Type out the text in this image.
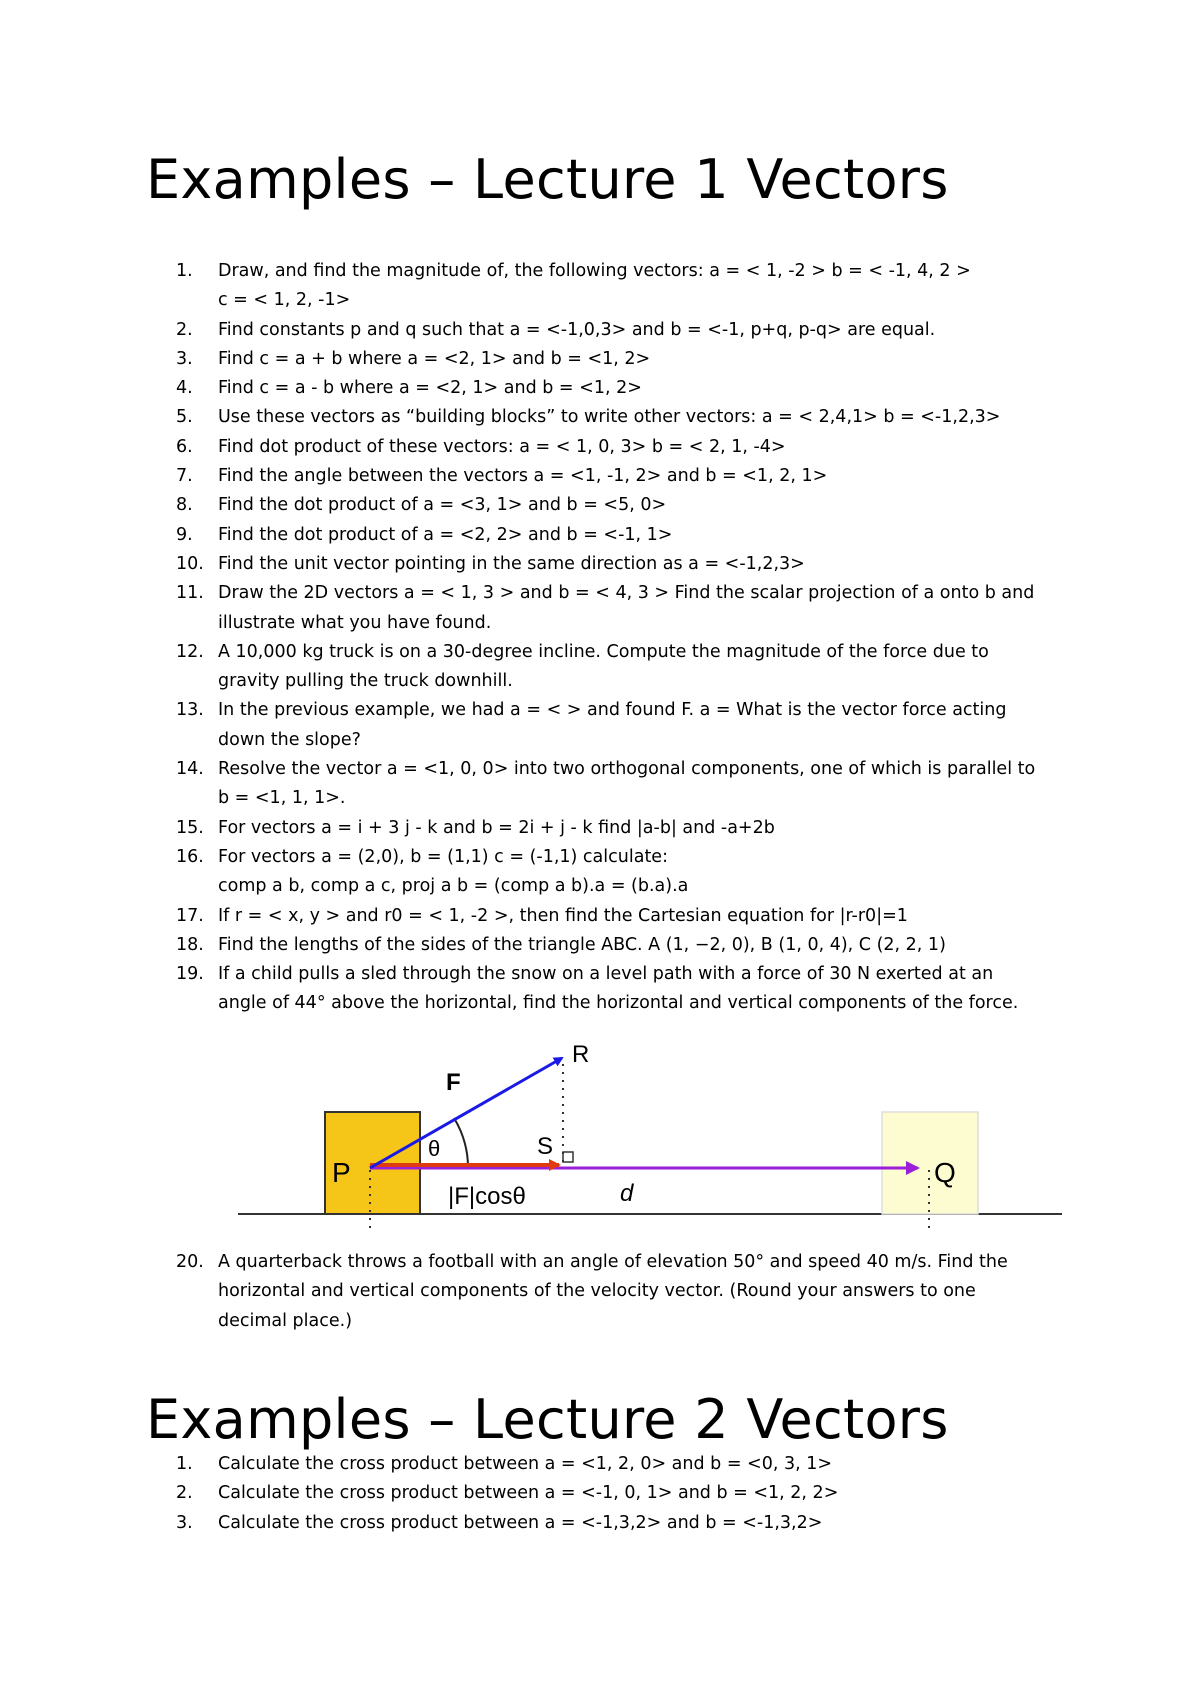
Examples – Lecture 1 Vectors
1. Draw, and find the magnitude of, the following vectors: a = < 1, -2 > b = < -1, 4, 2 >
c = < 1, 2, -1>
2. Find constants p and q such that a = <-1,0,3> and b = <-1, p+q, p-q> are equal.
3. Find c = a + b where a = <2, 1> and b = <1, 2>
4. Find c = a - b where a = <2, 1> and b = <1, 2>
5. Use these vectors as “building blocks” to write other vectors: a = < 2,4,1> b = <-1,2,3>
6. Find dot product of these vectors: a = < 1, 0, 3> b = < 2, 1, -4>
7. Find the angle between the vectors a = <1, -1, 2> and b = <1, 2, 1>
8. Find the dot product of a = <3, 1> and b = <5, 0>
9. Find the dot product of a = <2, 2> and b = <-1, 1>
10. Find the unit vector pointing in the same direction as a = <-1,2,3>
11. Draw the 2D vectors a = < 1, 3 > and b = < 4, 3 > Find the scalar projection of a onto b and
illustrate what you have found.
12. A 10,000 kg truck is on a 30-degree incline. Compute the magnitude of the force due to
gravity pulling the truck downhill.
13. In the previous example, we had a = < > and found F. a = What is the vector force acting
down the slope?
14. Resolve the vector a = <1, 0, 0> into two orthogonal components, one of which is parallel to
b = <1, 1, 1>.
15. For vectors a = i + 3 j - k and b = 2i + j - k find |a-b| and -a+2b
16. For vectors a = (2,0), b = (1,1) c = (-1,1) calculate:
comp a b, comp a c, proj a b = (comp a b).a = (b.a).a
17. If r = < x, y > and r0 = < 1, -2 >, then find the Cartesian equation for |r-r0|=1
18. Find the lengths of the sides of the triangle ABC. A (1, −2, 0), B (1, 0, 4), C (2, 2, 1)
19. If a child pulls a sled through the snow on a level path with a force of 30 N exerted at an
angle of 44° above the horizontal, find the horizontal and vertical components of the force.
F
R
θ	S
P	Q
|F|cosθ	d
20. A quarterback throws a football with an angle of elevation 50° and speed 40 m/s. Find the
horizontal and vertical components of the velocity vector. (Round your answers to one
decimal place.)
Examples – Lecture 2 Vectors
1. Calculate the cross product between a = <1, 2, 0> and b = <0, 3, 1>
2. Calculate the cross product between a = <-1, 0, 1> and b = <1, 2, 2>
3. Calculate the cross product between a = <-1,3,2> and b = <-1,3,2>
